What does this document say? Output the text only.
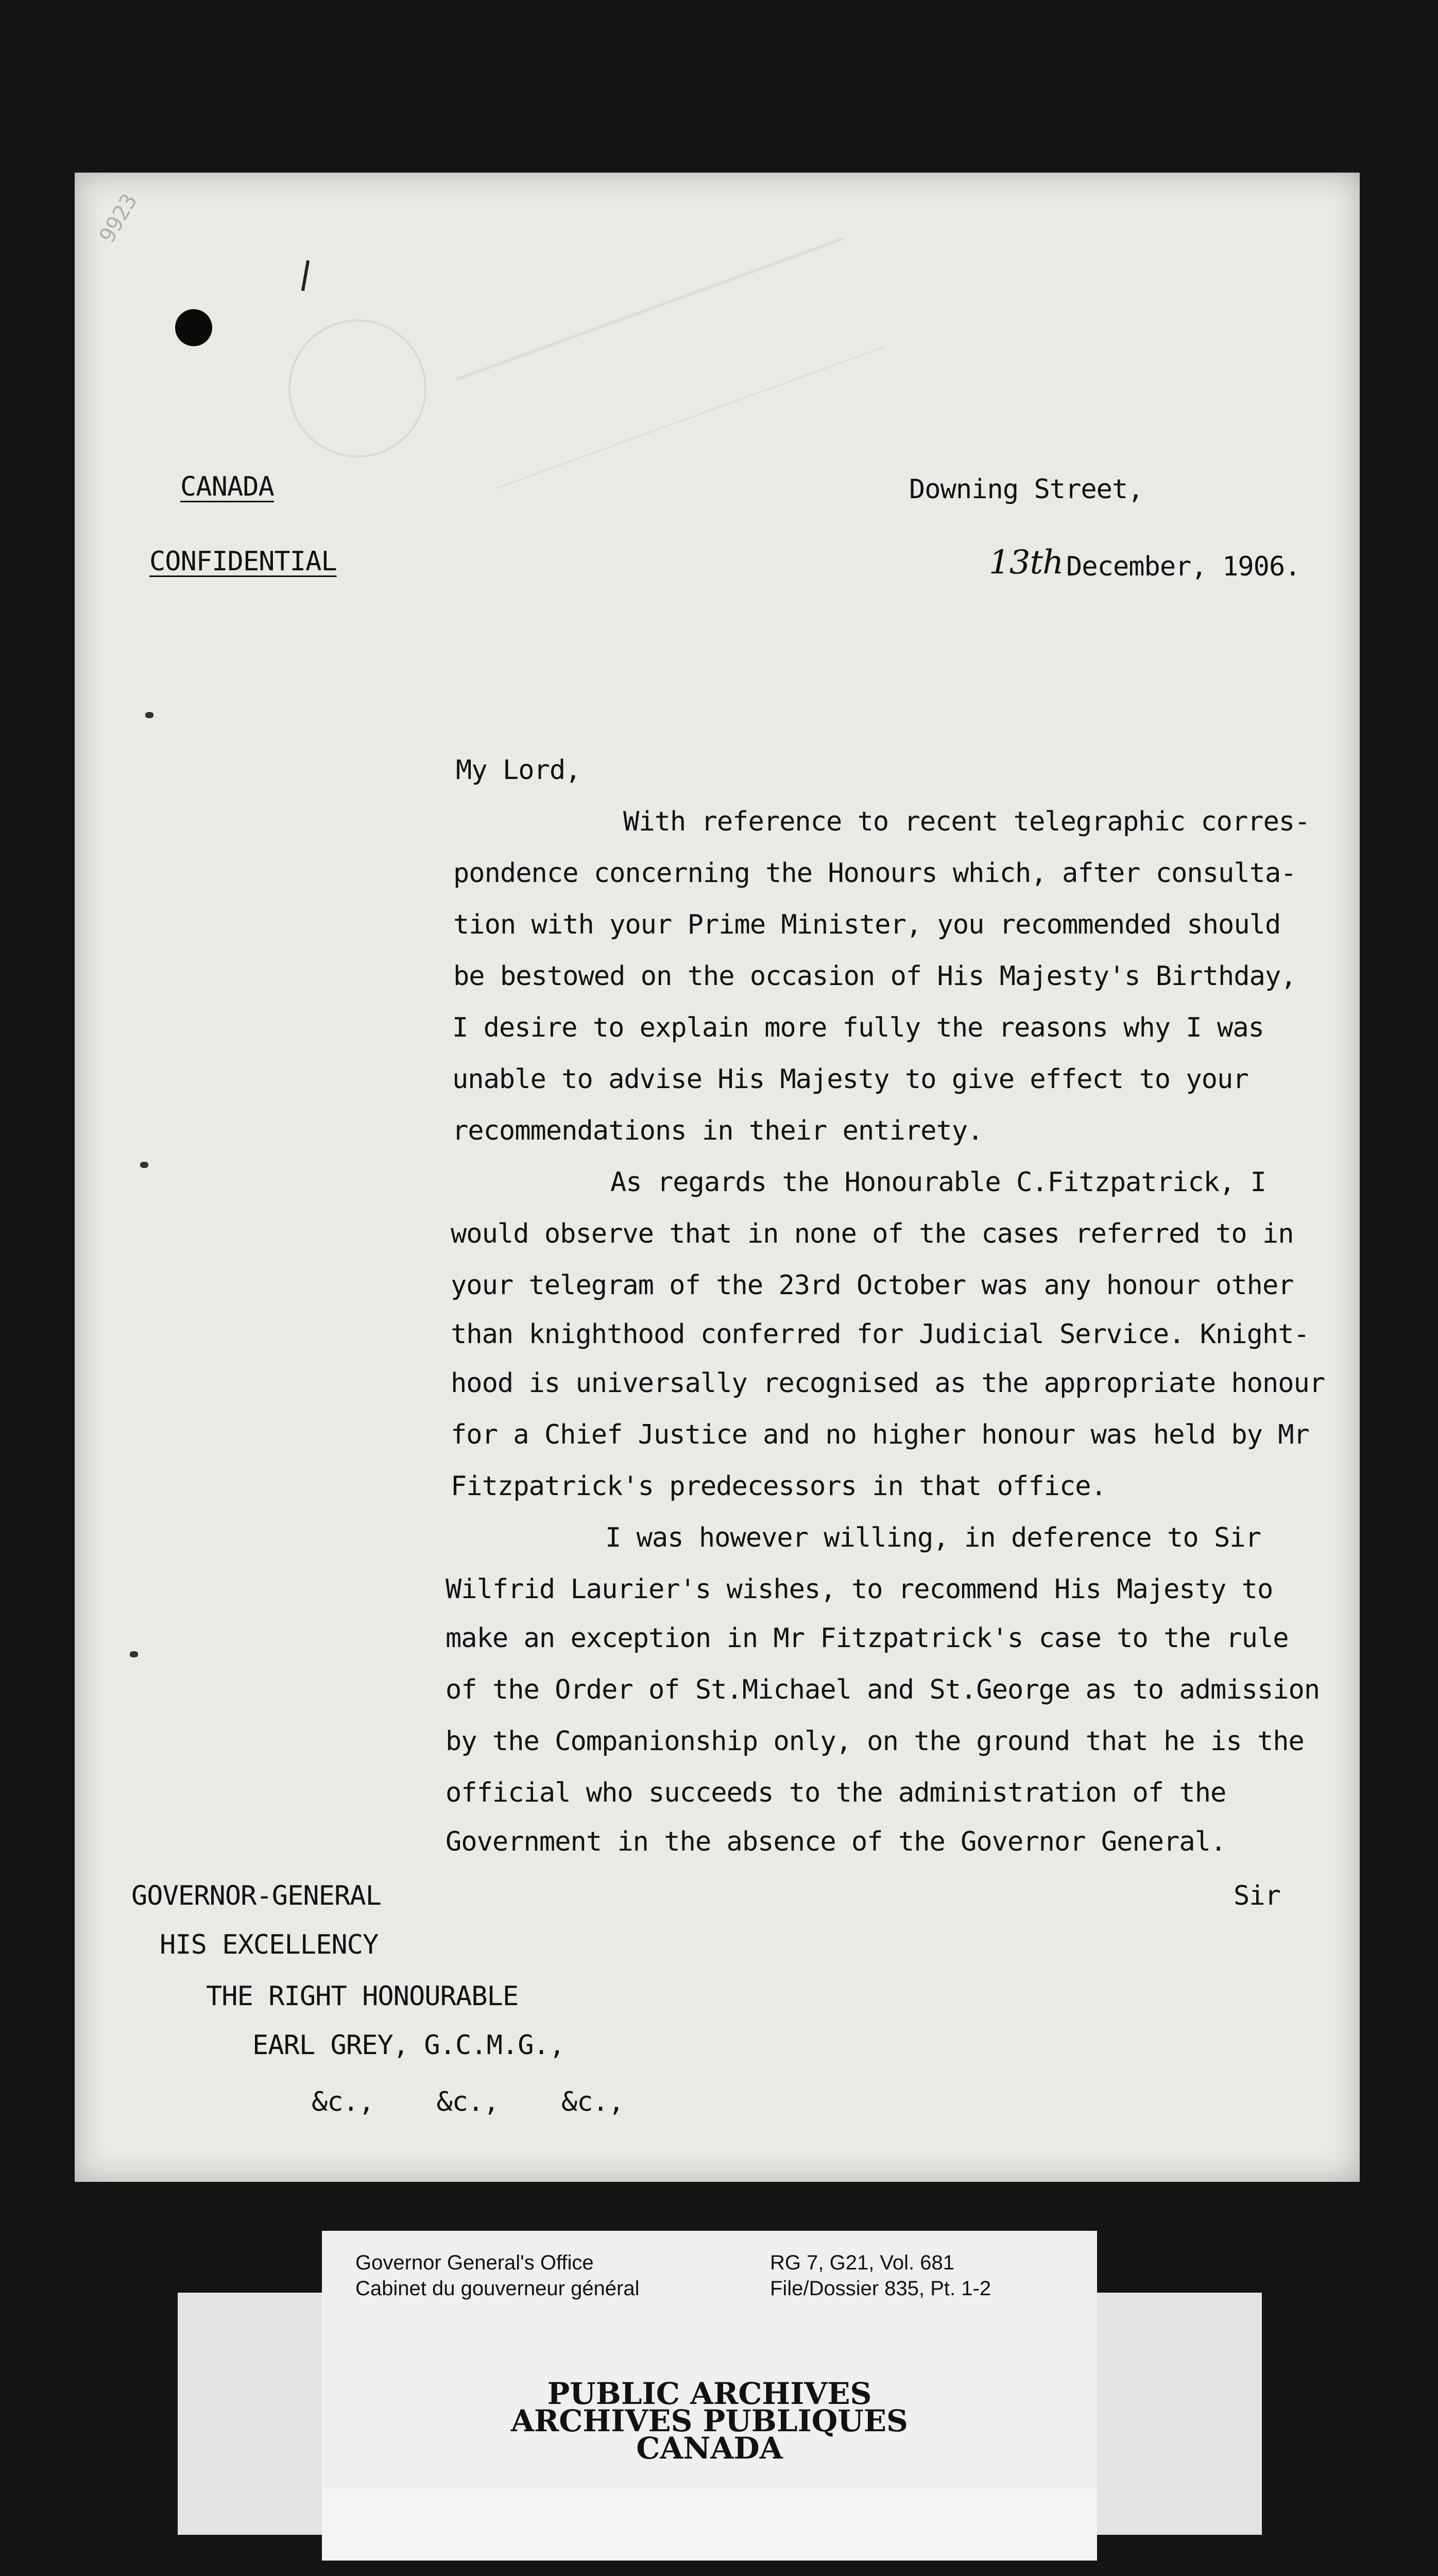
9923
CANADA
CONFIDENTIAL
Downing Street,
13th December, 1906.
My Lord,
With reference to recent telegraphic corres-
pondence concerning the Honours which, after consulta-
tion with your Prime Minister, you recommended should
be bestowed on the occasion of His Majesty's Birthday,
I desire to explain more fully the reasons why I was
unable to advise His Majesty to give effect to your
recommendations in their entirety.
As regards the Honourable C.Fitzpatrick, I
would observe that in none of the cases referred to in
your telegram of the 23rd October was any honour other
than knighthood conferred for Judicial Service. Knight-
hood is universally recognised as the appropriate honour
for a Chief Justice and no higher honour was held by Mr
Fitzpatrick's predecessors in that office.
I was however willing, in deference to Sir
Wilfrid Laurier's wishes, to recommend His Majesty to
make an exception in Mr Fitzpatrick's case to the rule
of the Order of St.Michael and St.George as to admission
by the Companionship only, on the ground that he is the
official who succeeds to the administration of the
Government in the absence of the Governor General.
Sir
GOVERNOR-GENERAL
HIS EXCELLENCY
THE RIGHT HONOURABLE
EARL GREY, G.C.M.G.,
&c.,    &c.,    &c.,
Governor General's Office
Cabinet du gouverneur général
RG 7, G21, Vol. 681
File/Dossier 835, Pt. 1-2
PUBLIC ARCHIVES
ARCHIVES PUBLIQUES
CANADA
